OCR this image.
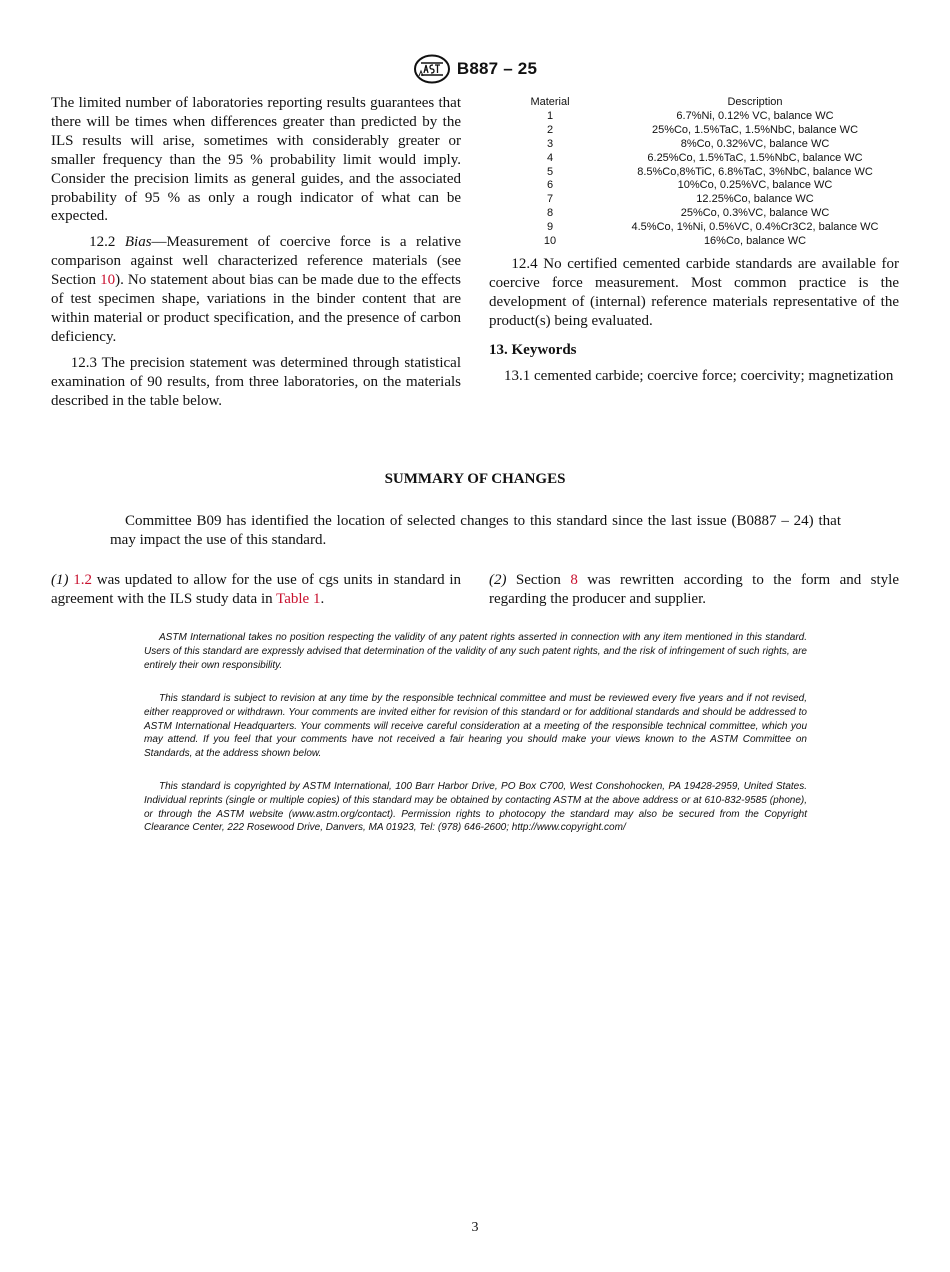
B887 – 25

The limited number of laboratories reporting results guarantees that there will be times when differences greater than predicted by the ILS results will arise, sometimes with considerably greater or smaller frequency than the 95 % probability limit would imply. Consider the precision limits as general guides, and the associated probability of 95 % as only a rough indicator of what can be expected.

12.2 Bias—Measurement of coercive force is a relative comparison against well characterized reference materials (see Section 10). No statement about bias can be made due to the effects of test specimen shape, variations in the binder content that are within material or product specification, and the presence of carbon deficiency.

12.3 The precision statement was determined through statistical examination of 90 results, from three laboratories, on the materials described in the table below.

Material	Description
1	6.7%Ni, 0.12% VC, balance WC
2	25%Co, 1.5%TaC, 1.5%NbC, balance WC
3	8%Co, 0.32%VC, balance WC
4	6.25%Co, 1.5%TaC, 1.5%NbC, balance WC
5	8.5%Co,8%TiC, 6.8%TaC, 3%NbC, balance WC
6	10%Co, 0.25%VC, balance WC
7	12.25%Co, balance WC
8	25%Co, 0.3%VC, balance WC
9	4.5%Co, 1%Ni, 0.5%VC, 0.4%Cr3C2, balance WC
10	16%Co, balance WC

12.4 No certified cemented carbide standards are available for coercive force measurement. Most common practice is the development of (internal) reference materials representative of the product(s) being evaluated.

13. Keywords

13.1 cemented carbide; coercive force; coercivity; magnetization

SUMMARY OF CHANGES

Committee B09 has identified the location of selected changes to this standard since the last issue (B0887 – 24) that may impact the use of this standard.

(1) 1.2 was updated to allow for the use of cgs units in standard in agreement with the ILS study data in Table 1.

(2) Section 8 was rewritten according to the form and style regarding the producer and supplier.

ASTM International takes no position respecting the validity of any patent rights asserted in connection with any item mentioned in this standard. Users of this standard are expressly advised that determination of the validity of any such patent rights, and the risk of infringement of such rights, are entirely their own responsibility.

This standard is subject to revision at any time by the responsible technical committee and must be reviewed every five years and if not revised, either reapproved or withdrawn. Your comments are invited either for revision of this standard or for additional standards and should be addressed to ASTM International Headquarters. Your comments will receive careful consideration at a meeting of the responsible technical committee, which you may attend. If you feel that your comments have not received a fair hearing you should make your views known to the ASTM Committee on Standards, at the address shown below.

This standard is copyrighted by ASTM International, 100 Barr Harbor Drive, PO Box C700, West Conshohocken, PA 19428-2959, United States. Individual reprints (single or multiple copies) of this standard may be obtained by contacting ASTM at the above address or at 610-832-9585 (phone), or through the ASTM website (www.astm.org/contact). Permission rights to photocopy the standard may also be secured from the Copyright Clearance Center, 222 Rosewood Drive, Danvers, MA 01923, Tel: (978) 646-2600; http://www.copyright.com/

3
